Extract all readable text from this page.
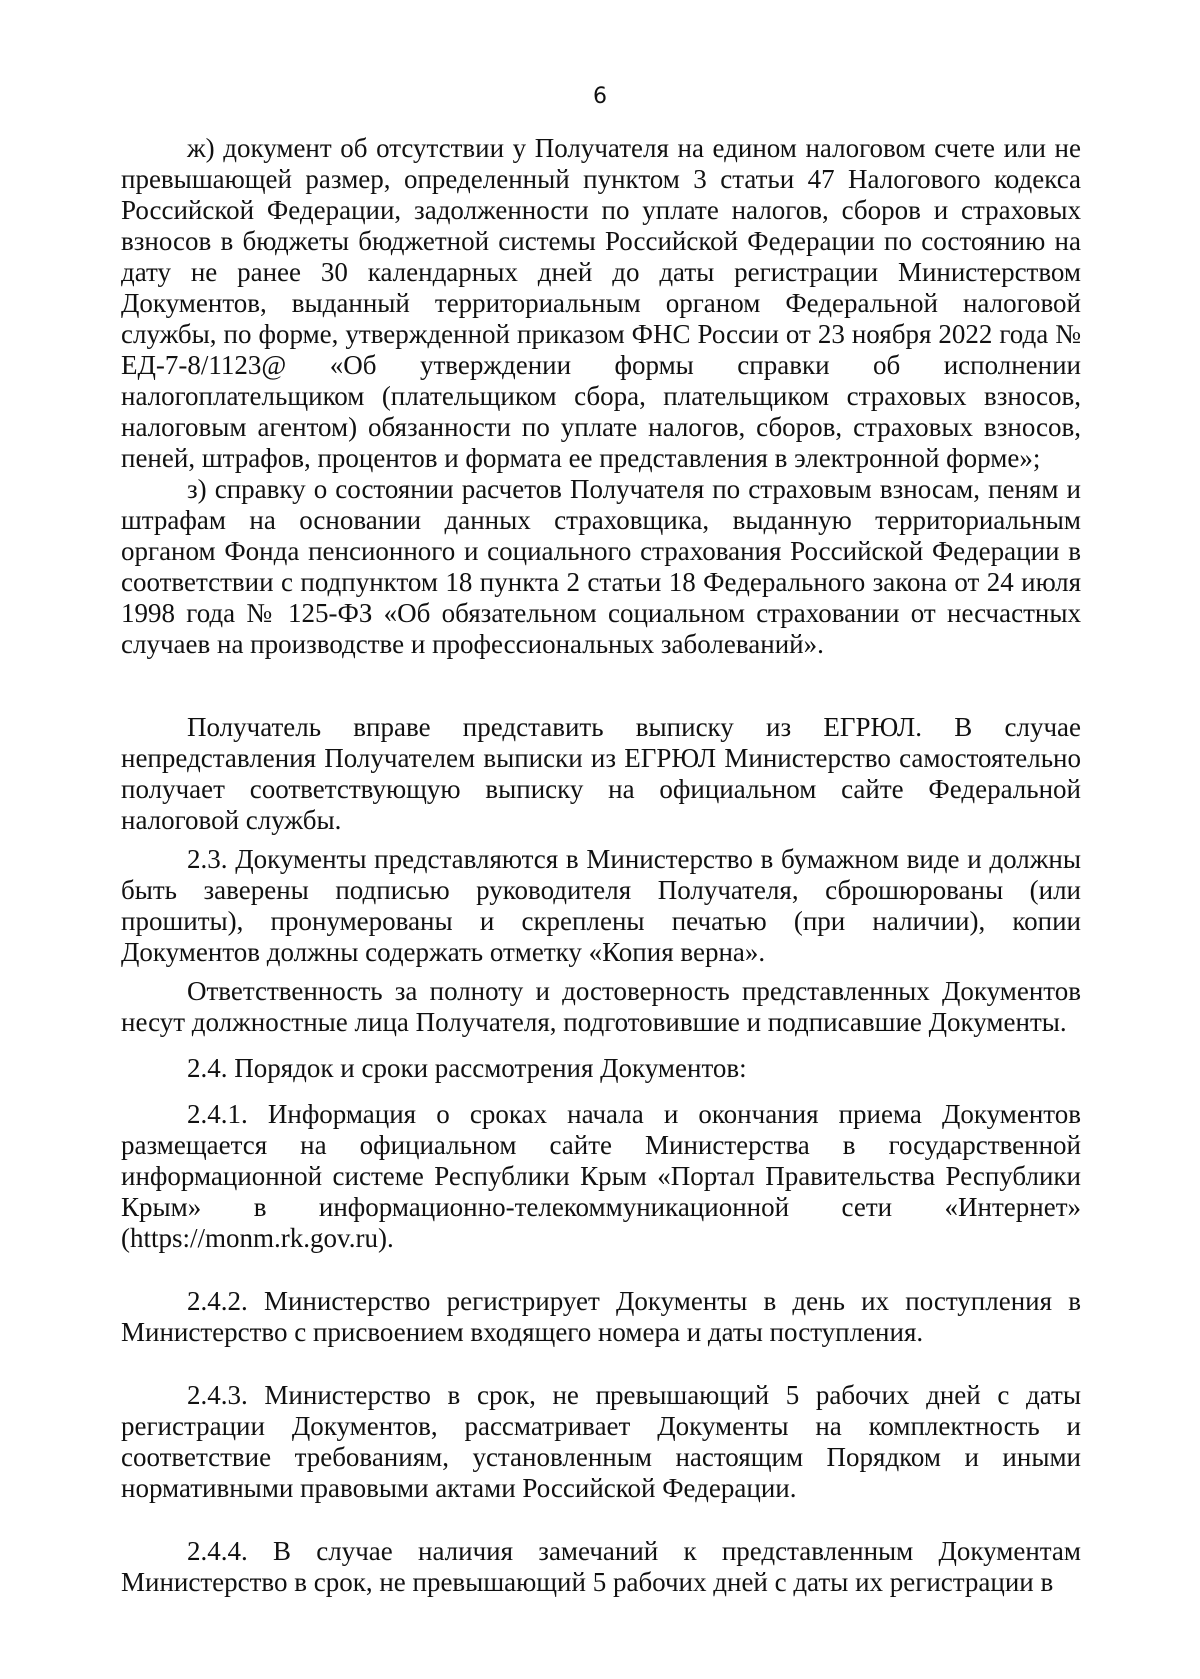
6

ж) документ об отсутствии у Получателя на едином налоговом счете или не превышающей размер, определенный пунктом 3 статьи 47 Налогового кодекса Российской Федерации, задолженности по уплате налогов, сборов и страховых взносов в бюджеты бюджетной системы Российской Федерации по состоянию на дату не ранее 30 календарных дней до даты регистрации Министерством Документов, выданный территориальным органом Федеральной налоговой службы, по форме, утвержденной приказом ФНС России от 23 ноября 2022 года № ЕД-7-8/1123@ «Об утверждении формы справки об исполнении налогоплательщиком (плательщиком сбора, плательщиком страховых взносов, налоговым агентом) обязанности по уплате налогов, сборов, страховых взносов, пеней, штрафов, процентов и формата ее представления в электронной форме»;

з) справку о состоянии расчетов Получателя по страховым взносам, пеням и штрафам на основании данных страховщика, выданную территориальным органом Фонда пенсионного и социального страхования Российской Федерации в соответствии с подпунктом 18 пункта 2 статьи 18 Федерального закона от 24 июля 1998 года № 125-ФЗ «Об обязательном социальном страховании от несчастных случаев на производстве и профессиональных заболеваний».

Получатель вправе представить выписку из ЕГРЮЛ. В случае непредставления Получателем выписки из ЕГРЮЛ Министерство самостоятельно получает соответствующую выписку на официальном сайте Федеральной налоговой службы.

2.3. Документы представляются в Министерство в бумажном виде и должны быть заверены подписью руководителя Получателя, сброшюрованы (или прошиты), пронумерованы и скреплены печатью (при наличии), копии Документов должны содержать отметку «Копия верна».

Ответственность за полноту и достоверность представленных Документов несут должностные лица Получателя, подготовившие и подписавшие Документы.

2.4. Порядок и сроки рассмотрения Документов:

2.4.1. Информация о сроках начала и окончания приема Документов размещается на официальном сайте Министерства в государственной информационной системе Республики Крым «Портал Правительства Республики Крым» в информационно-телекоммуникационной сети «Интернет» (https://monm.rk.gov.ru).

2.4.2. Министерство регистрирует Документы в день их поступления в Министерство с присвоением входящего номера и даты поступления.

2.4.3. Министерство в срок, не превышающий 5 рабочих дней с даты регистрации Документов, рассматривает Документы на комплектность и соответствие требованиям, установленным настоящим Порядком и иными нормативными правовыми актами Российской Федерации.

2.4.4. В случае наличия замечаний к представленным Документам Министерство в срок, не превышающий 5 рабочих дней с даты их регистрации в
